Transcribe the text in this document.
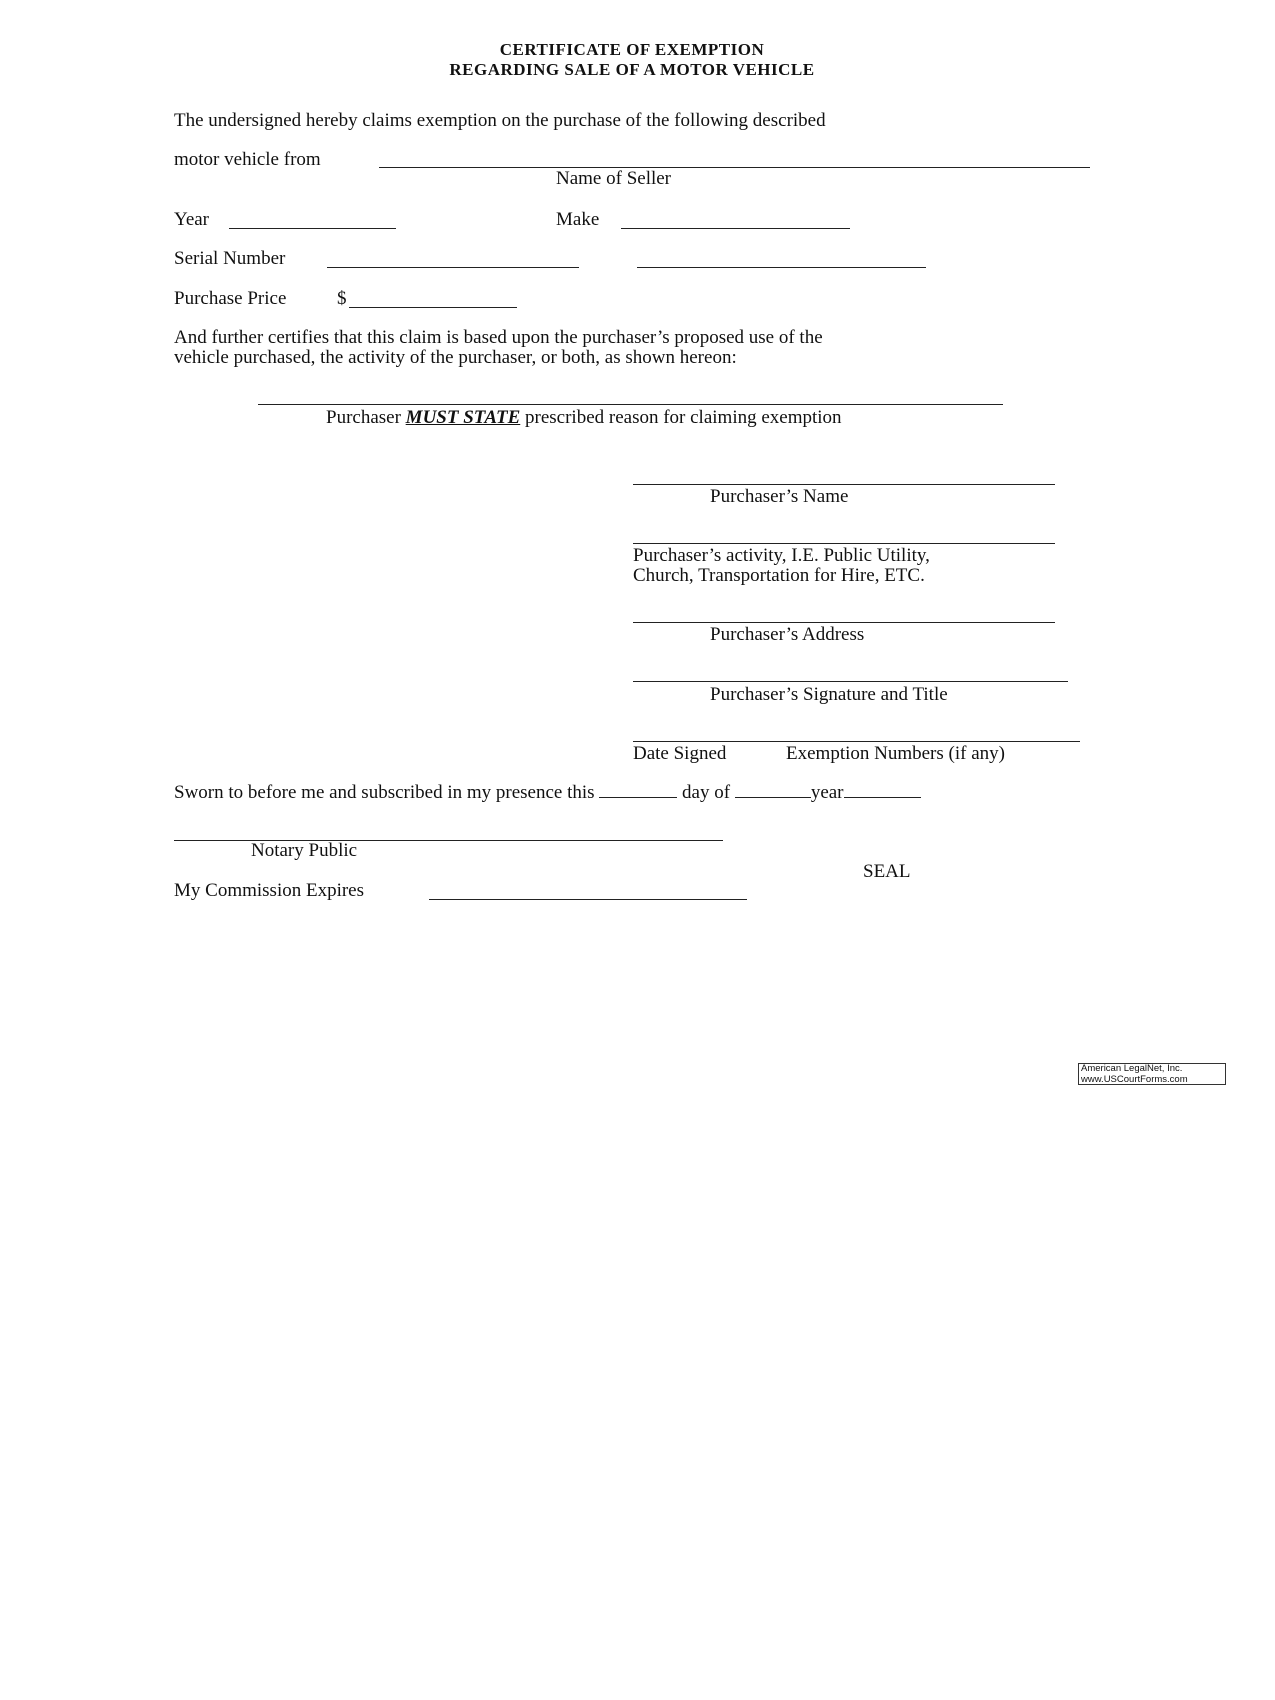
CERTIFICATE OF EXEMPTION
REGARDING SALE OF A MOTOR VEHICLE
The undersigned hereby claims exemption on the purchase of the following described
motor vehicle from
Name of Seller
Year	Make
Serial Number
Purchase Price	$
And further certifies that this claim is based upon the purchaser’s proposed use of the
vehicle purchased, the activity of the purchaser, or both, as shown hereon:
Purchaser MUST STATE prescribed reason for claiming exemption
Purchaser’s Name
Purchaser’s activity, I.E. Public Utility,
Church, Transportation for Hire, ETC.
Purchaser’s Address
Purchaser’s Signature and Title
Date Signed	Exemption Numbers (if any)
Sworn to before me and subscribed in my presence this	day of	year
Notary Public
SEAL
My Commission Expires
American LegalNet, Inc.
www.USCourtForms.com
